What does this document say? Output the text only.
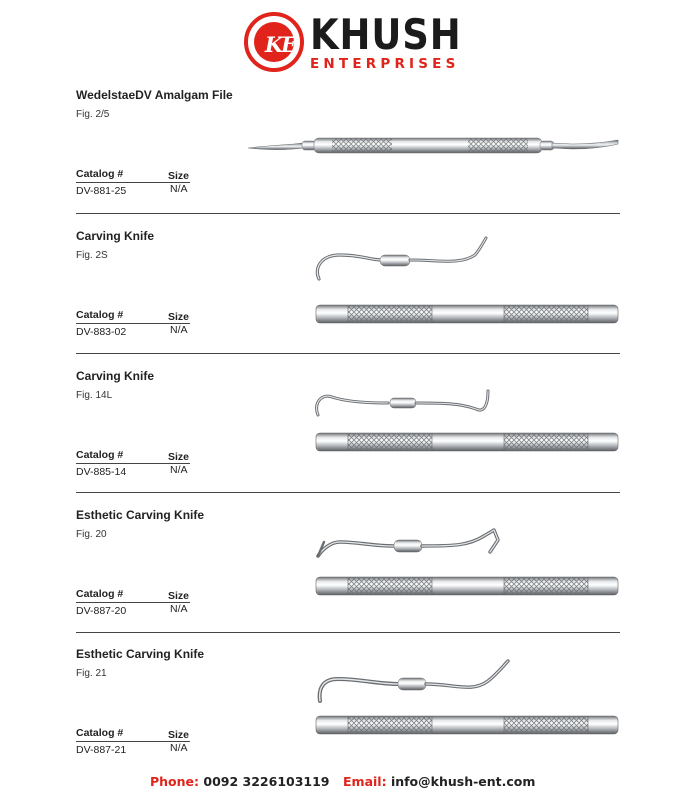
KE KHUSH
ENTERPRISES
WedelstaeDV Amalgam File
Fig. 2/5
Catalog #	Size
DV-881-25	N/A
Carving Knife
Fig. 2S
Catalog #	Size
DV-883-02	N/A
Carving Knife
Fig. 14L
Catalog #	Size
DV-885-14	N/A
Esthetic Carving Knife
Fig. 20
Catalog #	Size
DV-887-20	N/A
Esthetic Carving Knife
Fig. 21
Catalog #	Size
DV-887-21	N/A
Phone: 0092 3226103119 Email: info@khush-ent.com
